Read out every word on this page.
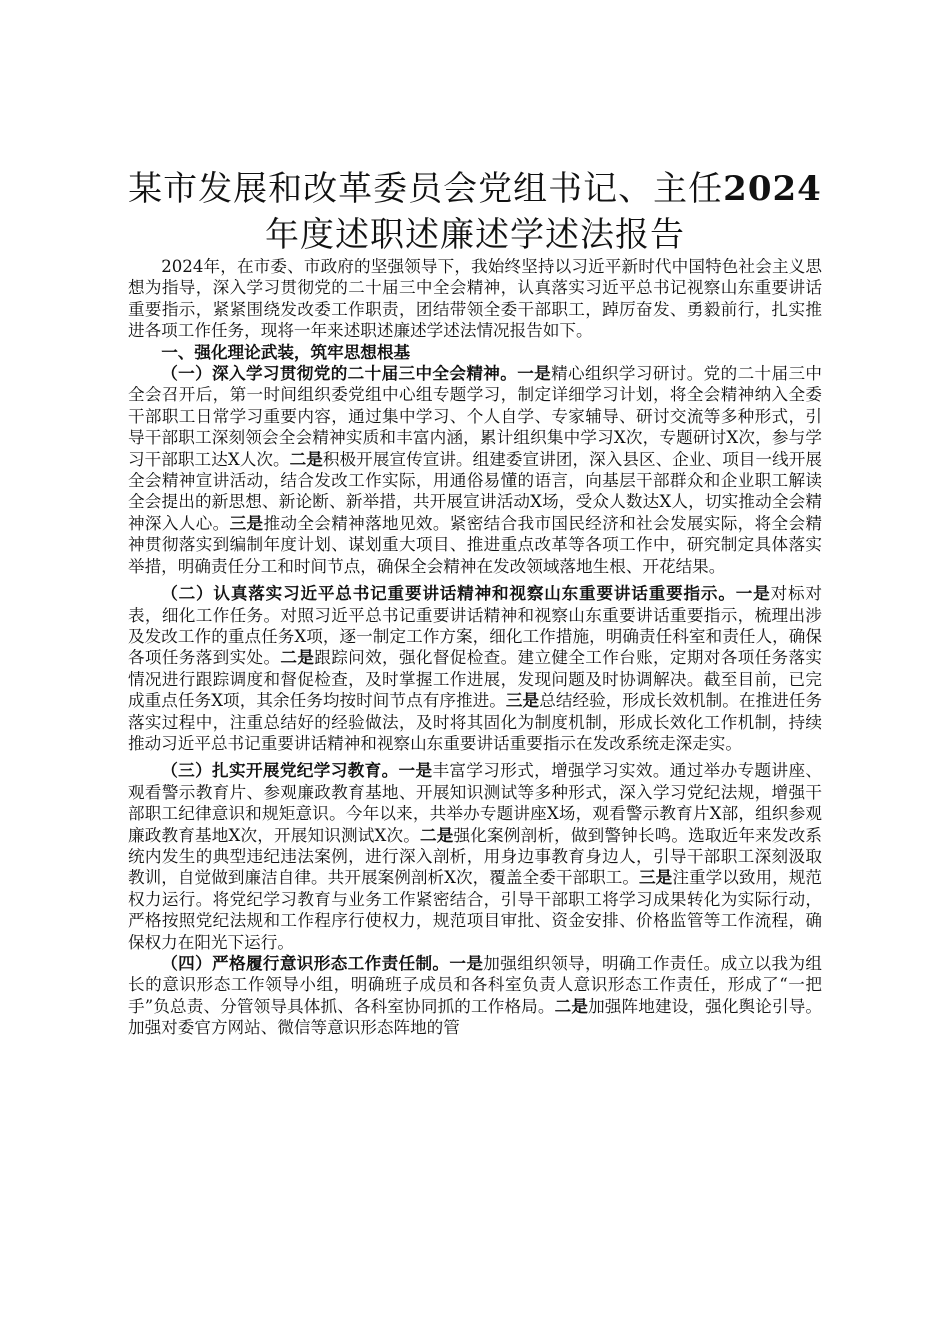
某市发展和改革委员会党组书记、主任2024
年度述职述廉述学述法报告

2024年，在市委、市政府的坚强领导下，我始终坚持以习近平新时代中国特色社会主义思想为指导，深入学习贯彻党的二十届三中全会精神，认真落实习近平总书记视察山东重要讲话重要指示，紧紧围绕发改委工作职责，团结带领全委干部职工，踔厉奋发、勇毅前行，扎实推进各项工作任务，现将一年来述职述廉述学述法情况报告如下。

一、强化理论武装，筑牢思想根基

（一）深入学习贯彻党的二十届三中全会精神。一是精心组织学习研讨。党的二十届三中全会召开后，第一时间组织委党组中心组专题学习，制定详细学习计划，将全会精神纳入全委干部职工日常学习重要内容，通过集中学习、个人自学、专家辅导、研讨交流等多种形式，引导干部职工深刻领会全会精神实质和丰富内涵，累计组织集中学习X次，专题研讨X次，参与学习干部职工达X人次。二是积极开展宣传宣讲。组建委宣讲团，深入县区、企业、项目一线开展全会精神宣讲活动，结合发改工作实际，用通俗易懂的语言，向基层干部群众和企业职工解读全会提出的新思想、新论断、新举措，共开展宣讲活动X场，受众人数达X人，切实推动全会精神深入人心。三是推动全会精神落地见效。紧密结合我市国民经济和社会发展实际，将全会精神贯彻落实到编制年度计划、谋划重大项目、推进重点改革等各项工作中，研究制定具体落实举措，明确责任分工和时间节点，确保全会精神在发改领域落地生根、开花结果。

（二）认真落实习近平总书记重要讲话精神和视察山东重要讲话重要指示。一是对标对表，细化工作任务。对照习近平总书记重要讲话精神和视察山东重要讲话重要指示，梳理出涉及发改工作的重点任务X项，逐一制定工作方案，细化工作措施，明确责任科室和责任人，确保各项任务落到实处。二是跟踪问效，强化督促检查。建立健全工作台账，定期对各项任务落实情况进行跟踪调度和督促检查，及时掌握工作进展，发现问题及时协调解决。截至目前，已完成重点任务X项，其余任务均按时间节点有序推进。三是总结经验，形成长效机制。在推进任务落实过程中，注重总结好的经验做法，及时将其固化为制度机制，形成长效化工作机制，持续推动习近平总书记重要讲话精神和视察山东重要讲话重要指示在发改系统走深走实。

（三）扎实开展党纪学习教育。一是丰富学习形式，增强学习实效。通过举办专题讲座、观看警示教育片、参观廉政教育基地、开展知识测试等多种形式，深入学习党纪法规，增强干部职工纪律意识和规矩意识。今年以来，共举办专题讲座X场，观看警示教育片X部，组织参观廉政教育基地X次，开展知识测试X次。二是强化案例剖析，做到警钟长鸣。选取近年来发改系统内发生的典型违纪违法案例，进行深入剖析，用身边事教育身边人，引导干部职工深刻汲取教训，自觉做到廉洁自律。共开展案例剖析X次，覆盖全委干部职工。三是注重学以致用，规范权力运行。将党纪学习教育与业务工作紧密结合，引导干部职工将学习成果转化为实际行动，严格按照党纪法规和工作程序行使权力，规范项目审批、资金安排、价格监管等工作流程，确保权力在阳光下运行。

（四）严格履行意识形态工作责任制。一是加强组织领导，明确工作责任。成立以我为组长的意识形态工作领导小组，明确班子成员和各科室负责人意识形态工作责任，形成了“一把手”负总责、分管领导具体抓、各科室协同抓的工作格局。二是加强阵地建设，强化舆论引导。加强对委官方网站、微信等意识形态阵地的管
